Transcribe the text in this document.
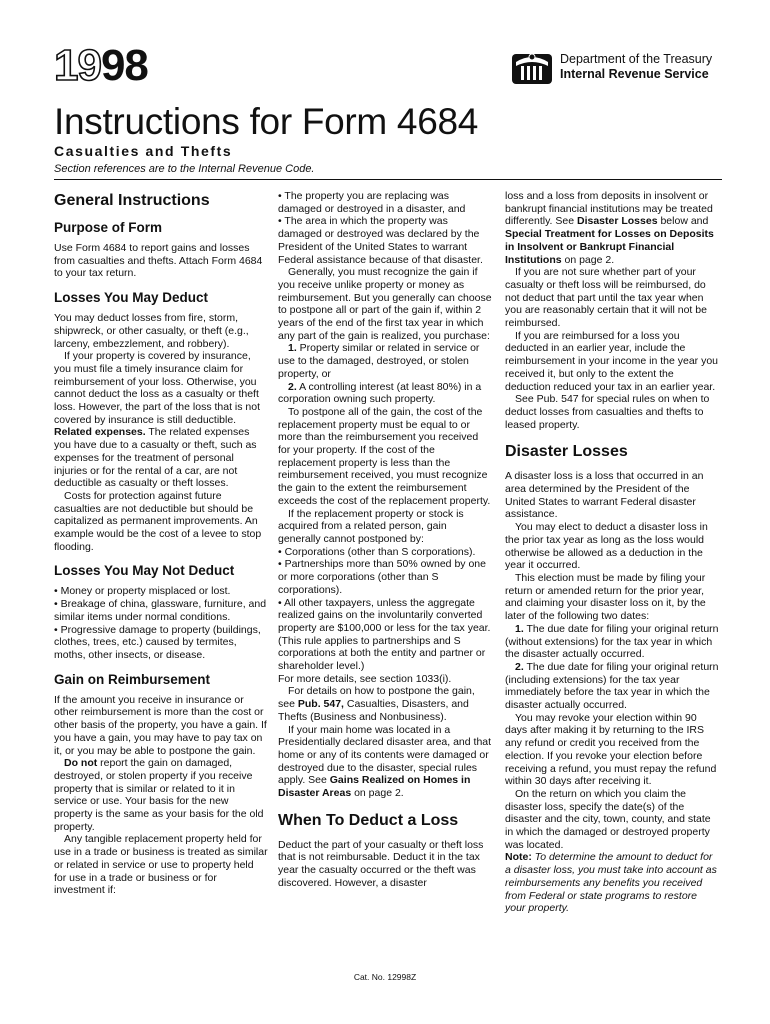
1998	Department of the Treasury
Internal Revenue Service
Instructions for Form 4684
Casualties and Thefts
Section references are to the Internal Revenue Code.
General Instructions
Purpose of Form

Use Form 4684 to report gains and losses from casualties and thefts. Attach Form 4684 to your tax return.

Losses You May Deduct

You may deduct losses from fire, storm, shipwreck, or other casualty, or theft (e.g., larceny, embezzlement, and robbery).

If your property is covered by insurance, you must file a timely insurance claim for reimbursement of your loss. Otherwise, you cannot deduct the loss as a casualty or theft loss. However, the part of the loss that is not covered by insurance is still deductible.

Related expenses. The related expenses you have due to a casualty or theft, such as expenses for the treatment of personal injuries or for the rental of a car, are not deductible as casualty or theft losses.

Costs for protection against future casualties are not deductible but should be capitalized as permanent improvements. An example would be the cost of a levee to stop flooding.

Losses You May Not Deduct

• Money or property misplaced or lost.

• Breakage of china, glassware, furniture, and similar items under normal conditions.

• Progressive damage to property (buildings, clothes, trees, etc.) caused by termites, moths, other insects, or disease.

Gain on Reimbursement

If the amount you receive in insurance or other reimbursement is more than the cost or other basis of the property, you have a gain. If you have a gain, you may have to pay tax on it, or you may be able to postpone the gain.

Do not report the gain on damaged, destroyed, or stolen property if you receive property that is similar or related to it in service or use. Your basis for the new property is the same as your basis for the old property.

Any tangible replacement property held for use in a trade or business is treated as similar or related in service or use to property held for use in a trade or business or for investment if:

• The property you are replacing was damaged or destroyed in a disaster, and

• The area in which the property was damaged or destroyed was declared by the President of the United States to warrant Federal assistance because of that disaster.

Generally, you must recognize the gain if you receive unlike property or money as reimbursement. But you generally can choose to postpone all or part of the gain if, within 2 years of the end of the first tax year in which any part of the gain is realized, you purchase:

1. Property similar or related in service or use to the damaged, destroyed, or stolen property, or

2. A controlling interest (at least 80%) in a corporation owning such property.

To postpone all of the gain, the cost of the replacement property must be equal to or more than the reimbursement you received for your property. If the cost of the replacement property is less than the reimbursement received, you must recognize the gain to the extent the reimbursement exceeds the cost of the replacement property.

If the replacement property or stock is acquired from a related person, gain generally cannot postponed by:

• Corporations (other than S corporations).

• Partnerships more than 50% owned by one or more corporations (other than S corporations).

• All other taxpayers, unless the aggregate realized gains on the involuntarily converted property are $100,000 or less for the tax year. (This rule applies to partnerships and S corporations at both the entity and partner or shareholder level.)

For more details, see section 1033(i).

For details on how to postpone the gain, see Pub. 547, Casualties, Disasters, and Thefts (Business and Nonbusiness).

If your main home was located in a Presidentially declared disaster area, and that home or any of its contents were damaged or destroyed due to the disaster, special rules apply. See Gains Realized on Homes in Disaster Areas on page 2.

When To Deduct a Loss

Deduct the part of your casualty or theft loss that is not reimbursable. Deduct it in the tax year the casualty occurred or the theft was discovered. However, a disaster

loss and a loss from deposits in insolvent or bankrupt financial institutions may be treated differently. See Disaster Losses below and Special Treatment for Losses on Deposits in Insolvent or Bankrupt Financial Institutions on page 2.

If you are not sure whether part of your casualty or theft loss will be reimbursed, do not deduct that part until the tax year when you are reasonably certain that it will not be reimbursed.

If you are reimbursed for a loss you deducted in an earlier year, include the reimbursement in your income in the year you received it, but only to the extent the deduction reduced your tax in an earlier year.

See Pub. 547 for special rules on when to deduct losses from casualties and thefts to leased property.

Disaster Losses

A disaster loss is a loss that occurred in an area determined by the President of the United States to warrant Federal disaster assistance.

You may elect to deduct a disaster loss in the prior tax year as long as the loss would otherwise be allowed as a deduction in the year it occurred.

This election must be made by filing your return or amended return for the prior year, and claiming your disaster loss on it, by the later of the following two dates:

1. The due date for filing your original return (without extensions) for the tax year in which the disaster actually occurred.

2. The due date for filing your original return (including extensions) for the tax year immediately before the tax year in which the disaster actually occurred.

You may revoke your election within 90 days after making it by returning to the IRS any refund or credit you received from the election. If you revoke your election before receiving a refund, you must repay the refund within 30 days after receiving it.

On the return on which you claim the disaster loss, specify the date(s) of the disaster and the city, town, county, and state in which the damaged or destroyed property was located.

Note: To determine the amount to deduct for a disaster loss, you must take into account as reimbursements any benefits you received from Federal or state programs to restore your property.

Cat. No. 12998Z
